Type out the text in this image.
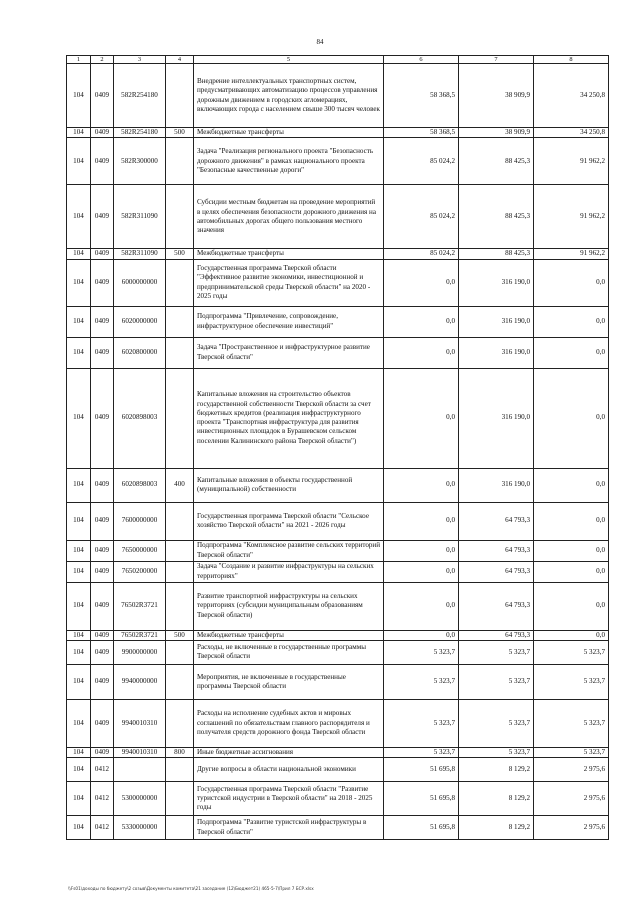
84
1	2	3	4	5	6	7	8
104	0409	582R254180		Внедрение интеллектуальных транспортных систем, предусматривающих автоматизацию процессов управления дорожным движением в городских агломерациях, включающих города с населением свыше 300 тысяч человек	58 368,5	38 909,9	34 250,8
104	0409	582R254180	500	Межбюджетные трансферты	58 368,5	38 909,9	34 250,8
104	0409	582R300000		Задача "Реализация регионального проекта "Безопасность дорожного движения" в рамках национального проекта "Безопасные качественные дороги"	85 024,2	88 425,3	91 962,2
104	0409	582R311090		Субсидии местным бюджетам на проведение мероприятий в целях обеспечения безопасности дорожного движения на автомобильных дорогах общего пользования местного значения	85 024,2	88 425,3	91 962,2
104	0409	582R311090	500	Межбюджетные трансферты	85 024,2	88 425,3	91 962,2
104	0409	6000000000		Государственная программа Тверской области "Эффективное развитие экономики, инвестиционной и предпринимательской среды Тверской области" на 2020 - 2025 годы	0,0	316 190,0	0,0
104	0409	6020000000		Подпрограмма "Привлечение, сопровождение, инфраструктурное обеспечение инвестиций"	0,0	316 190,0	0,0
104	0409	6020800000		Задача "Пространственное и инфраструктурное развитие Тверской области"	0,0	316 190,0	0,0
104	0409	6020898003		Капитальные вложения на строительство объектов государственной собственности Тверской области за счет бюджетных кредитов (реализация инфраструктурного проекта "Транспортная инфраструктура для развития инвестиционных площадок в Бурашевском сельском поселении Калининского района Тверской области")	0,0	316 190,0	0,0
104	0409	6020898003	400	Капитальные вложения в объекты государственной (муниципальной) собственности	0,0	316 190,0	0,0
104	0409	7600000000		Государственная программа Тверской области "Сельское хозяйство Тверской области" на 2021 - 2026 годы	0,0	64 793,3	0,0
104	0409	7650000000		Подпрограмма "Комплексное развитие сельских территорий Тверской области"	0,0	64 793,3	0,0
104	0409	7650200000		Задача "Создание и развитие инфраструктуры на сельских территориях"	0,0	64 793,3	0,0
104	0409	76502R3721		Развитие транспортной инфраструктуры на сельских территориях (субсидии муниципальным образованиям Тверской области)	0,0	64 793,3	0,0
104	0409	76502R3721	500	Межбюджетные трансферты	0,0	64 793,3	0,0
104	0409	9900000000		Расходы, не включенные в государственные программы Тверской области	5 323,7	5 323,7	5 323,7
104	0409	9940000000		Мероприятия, не включенные в государственные программы Тверской области	5 323,7	5 323,7	5 323,7
104	0409	9940010310		Расходы на исполнение судебных актов и мировых соглашений по обязательствам главного распорядителя и получателя средств дорожного фонда Тверской области	5 323,7	5 323,7	5 323,7
104	0409	9940010310	800	Иные бюджетные ассигнования	5 323,7	5 323,7	5 323,7
104	0412			Другие вопросы в области национальной экономики	51 695,8	8 129,2	2 975,6
104	0412	5300000000		Государственная программа Тверской области "Развитие туристской индустрии в Тверской области" на 2018 - 2025 годы	51 695,8	8 129,2	2 975,6
104	0412	5330000000		Подпрограмма "Развитие туристской инфраструктуры в Тверской области"	51 695,8	8 129,2	2 975,6
\\Fs01\доходы по бюджету\2 созыв\Документы комитета\21 заседание (12\Бюджет21) 465-5-7\Прил 7 БСР.xlsx
